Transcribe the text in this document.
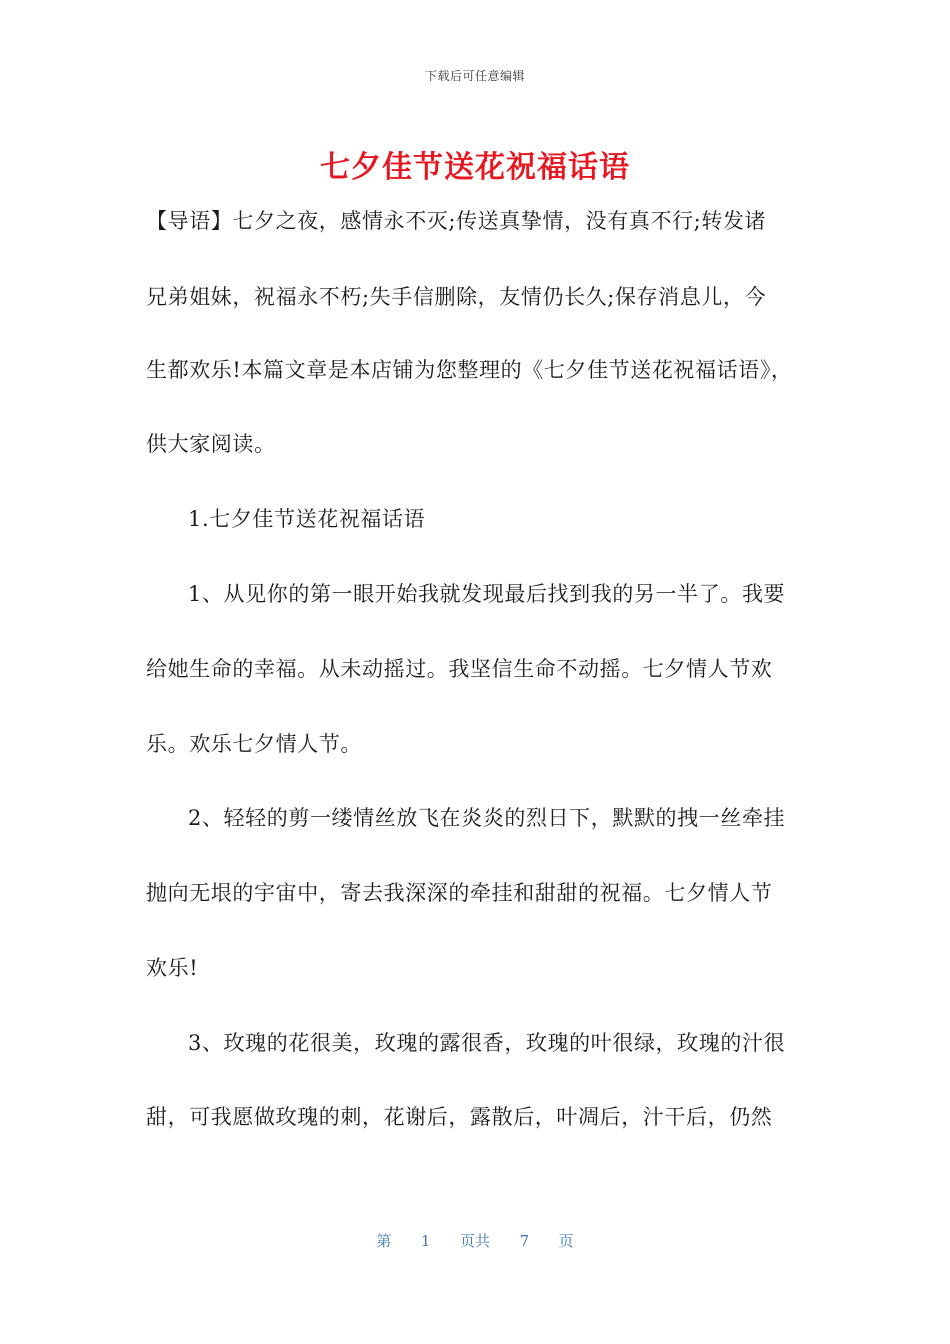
下载后可任意编辑
七夕佳节送花祝福话语
【导语】七夕之夜，感情永不灭;传送真挚情，没有真不行;转发诸
兄弟姐妹，祝福永不朽;失手信删除，友情仍长久;保存消息儿，今
生都欢乐!本篇文章是本店铺为您整理的《七夕佳节送花祝福话语》，
供大家阅读。
1.七夕佳节送花祝福话语
1、从见你的第一眼开始我就发现最后找到我的另一半了。我要
给她生命的幸福。从未动摇过。我坚信生命不动摇。七夕情人节欢
乐。欢乐七夕情人节。
2、轻轻的剪一缕情丝放飞在炎炎的烈日下，默默的拽一丝牵挂
抛向无垠的宇宙中，寄去我深深的牵挂和甜甜的祝福。七夕情人节
欢乐!
3、玫瑰的花很美，玫瑰的露很香，玫瑰的叶很绿，玫瑰的汁很
甜，可我愿做玫瑰的刺，花谢后，露散后，叶凋后，汁干后，仍然
第 1 页共 7 页
